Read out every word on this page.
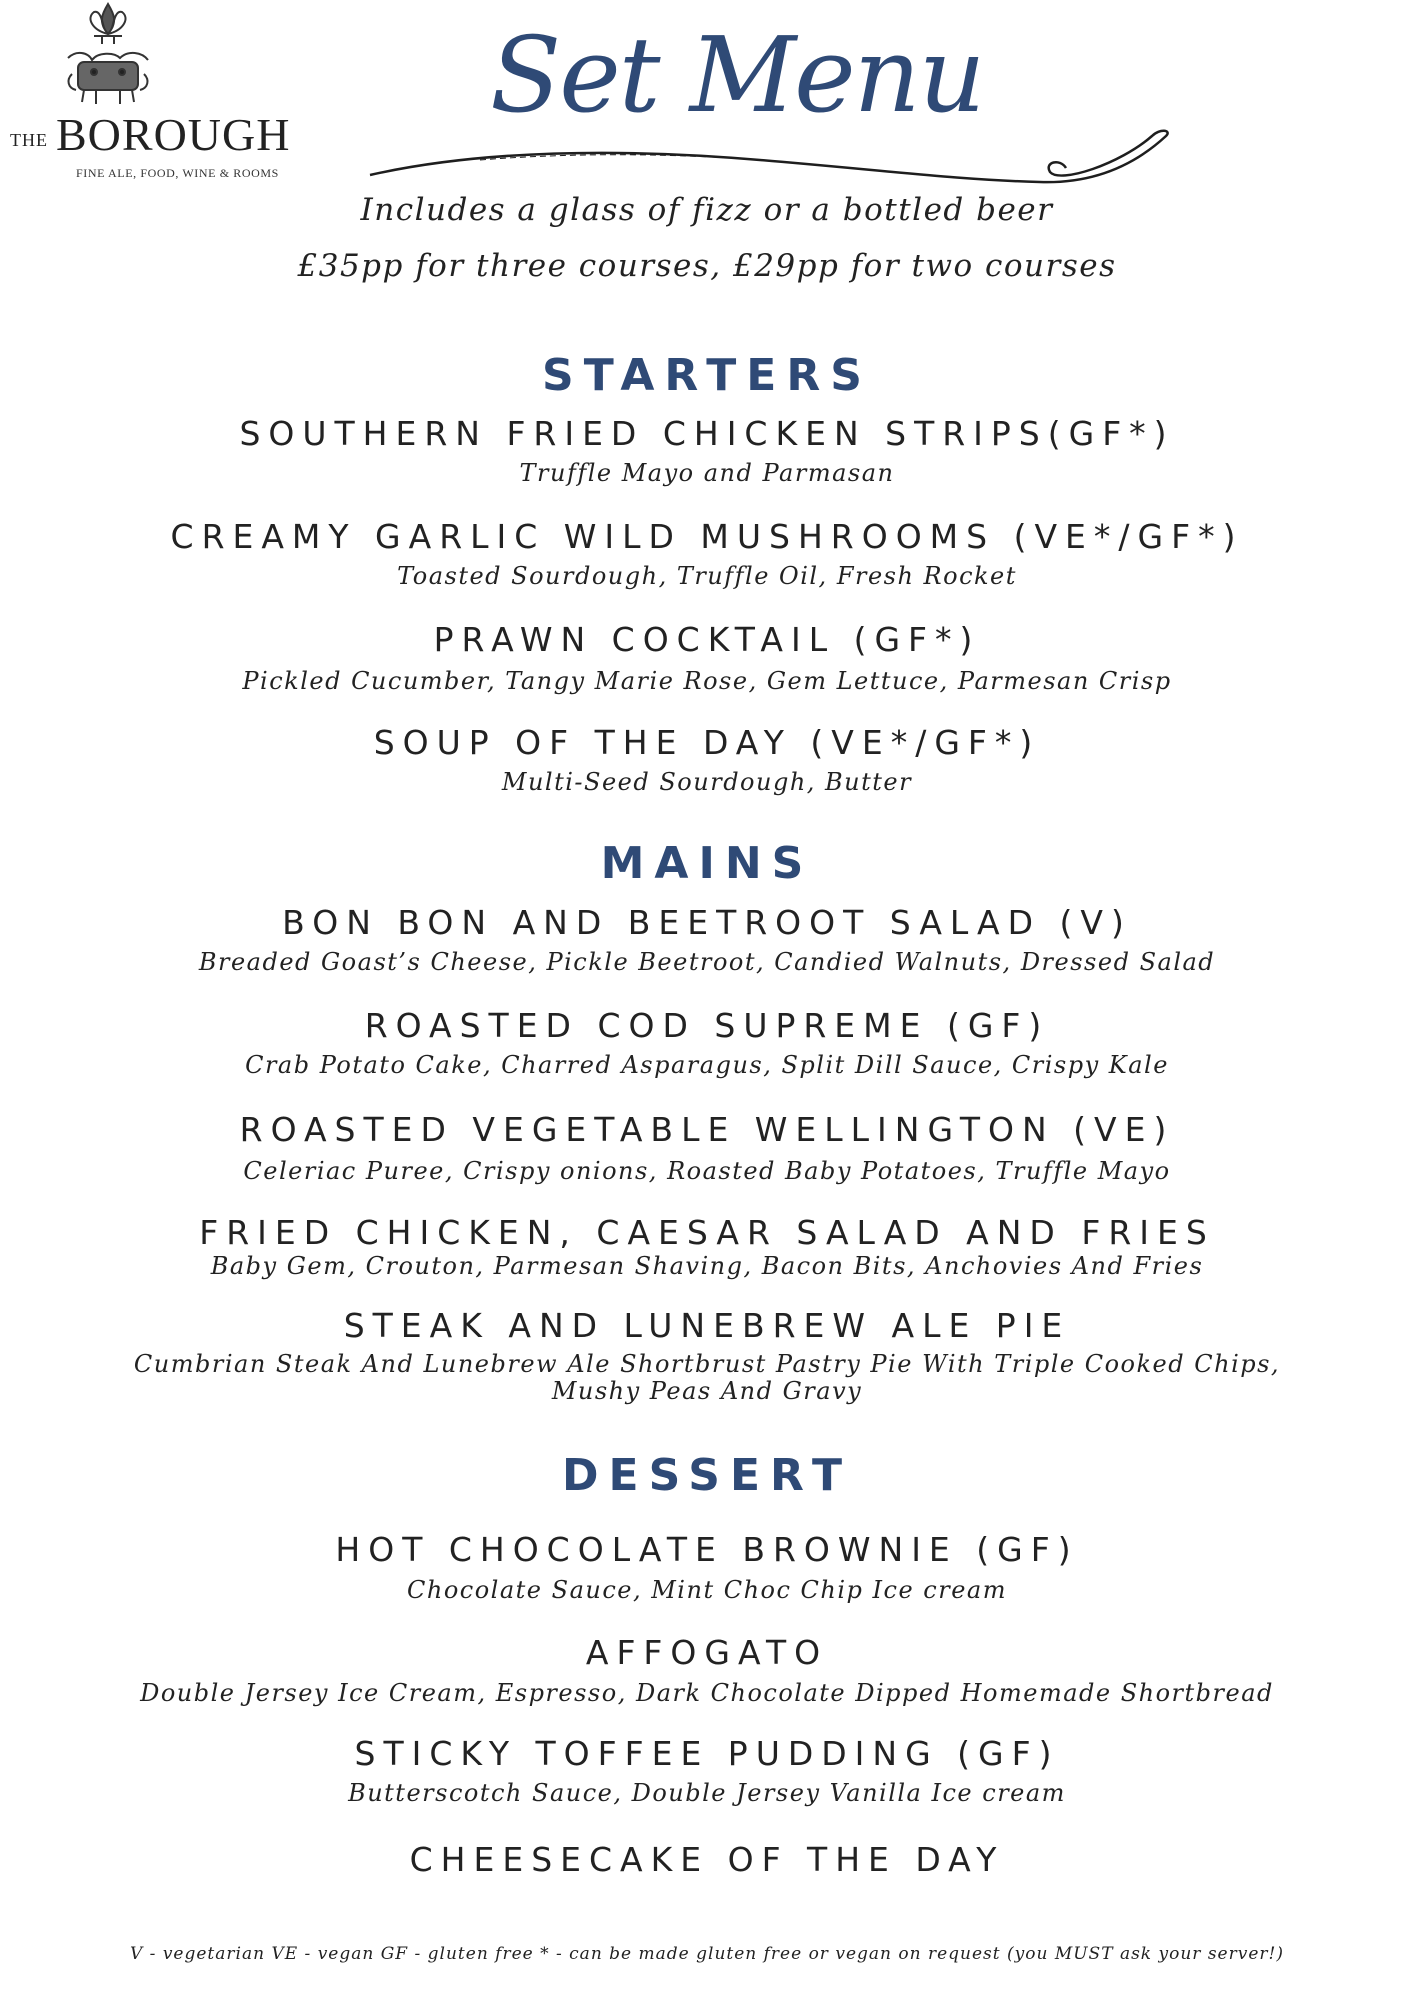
THE BOROUGH
FINE ALE, FOOD, WINE & ROOMS
Set Menu
Includes a glass of fizz or a bottled beer
£35pp for three courses, £29pp for two courses
STARTERS
SOUTHERN FRIED CHICKEN STRIPS(GF*)
Truffle Mayo and Parmasan
CREAMY GARLIC WILD MUSHROOMS (VE*/GF*)
Toasted Sourdough, Truffle Oil, Fresh Rocket
PRAWN COCKTAIL (GF*)
Pickled Cucumber, Tangy Marie Rose, Gem Lettuce, Parmesan Crisp
SOUP OF THE DAY (VE*/GF*)
Multi-Seed Sourdough, Butter
MAINS
BON BON AND BEETROOT SALAD (V)
Breaded Goast’s Cheese, Pickle Beetroot, Candied Walnuts, Dressed Salad
ROASTED COD SUPREME (GF)
Crab Potato Cake, Charred Asparagus, Split Dill Sauce, Crispy Kale
ROASTED VEGETABLE WELLINGTON (VE)
Celeriac Puree, Crispy onions, Roasted Baby Potatoes, Truffle Mayo
FRIED CHICKEN, CAESAR SALAD AND FRIES
Baby Gem, Crouton, Parmesan Shaving, Bacon Bits, Anchovies And Fries
STEAK AND LUNEBREW ALE PIE
Cumbrian Steak And Lunebrew Ale Shortbrust Pastry Pie With Triple Cooked Chips,
Mushy Peas And Gravy
DESSERT
HOT CHOCOLATE BROWNIE (GF)
Chocolate Sauce, Mint Choc Chip Ice cream
AFFOGATO
Double Jersey Ice Cream, Espresso, Dark Chocolate Dipped Homemade Shortbread
STICKY TOFFEE PUDDING (GF)
Butterscotch Sauce, Double Jersey Vanilla Ice cream
CHEESECAKE OF THE DAY
V - vegetarian VE - vegan GF - gluten free * - can be made gluten free or vegan on request (you MUST ask your server!)
